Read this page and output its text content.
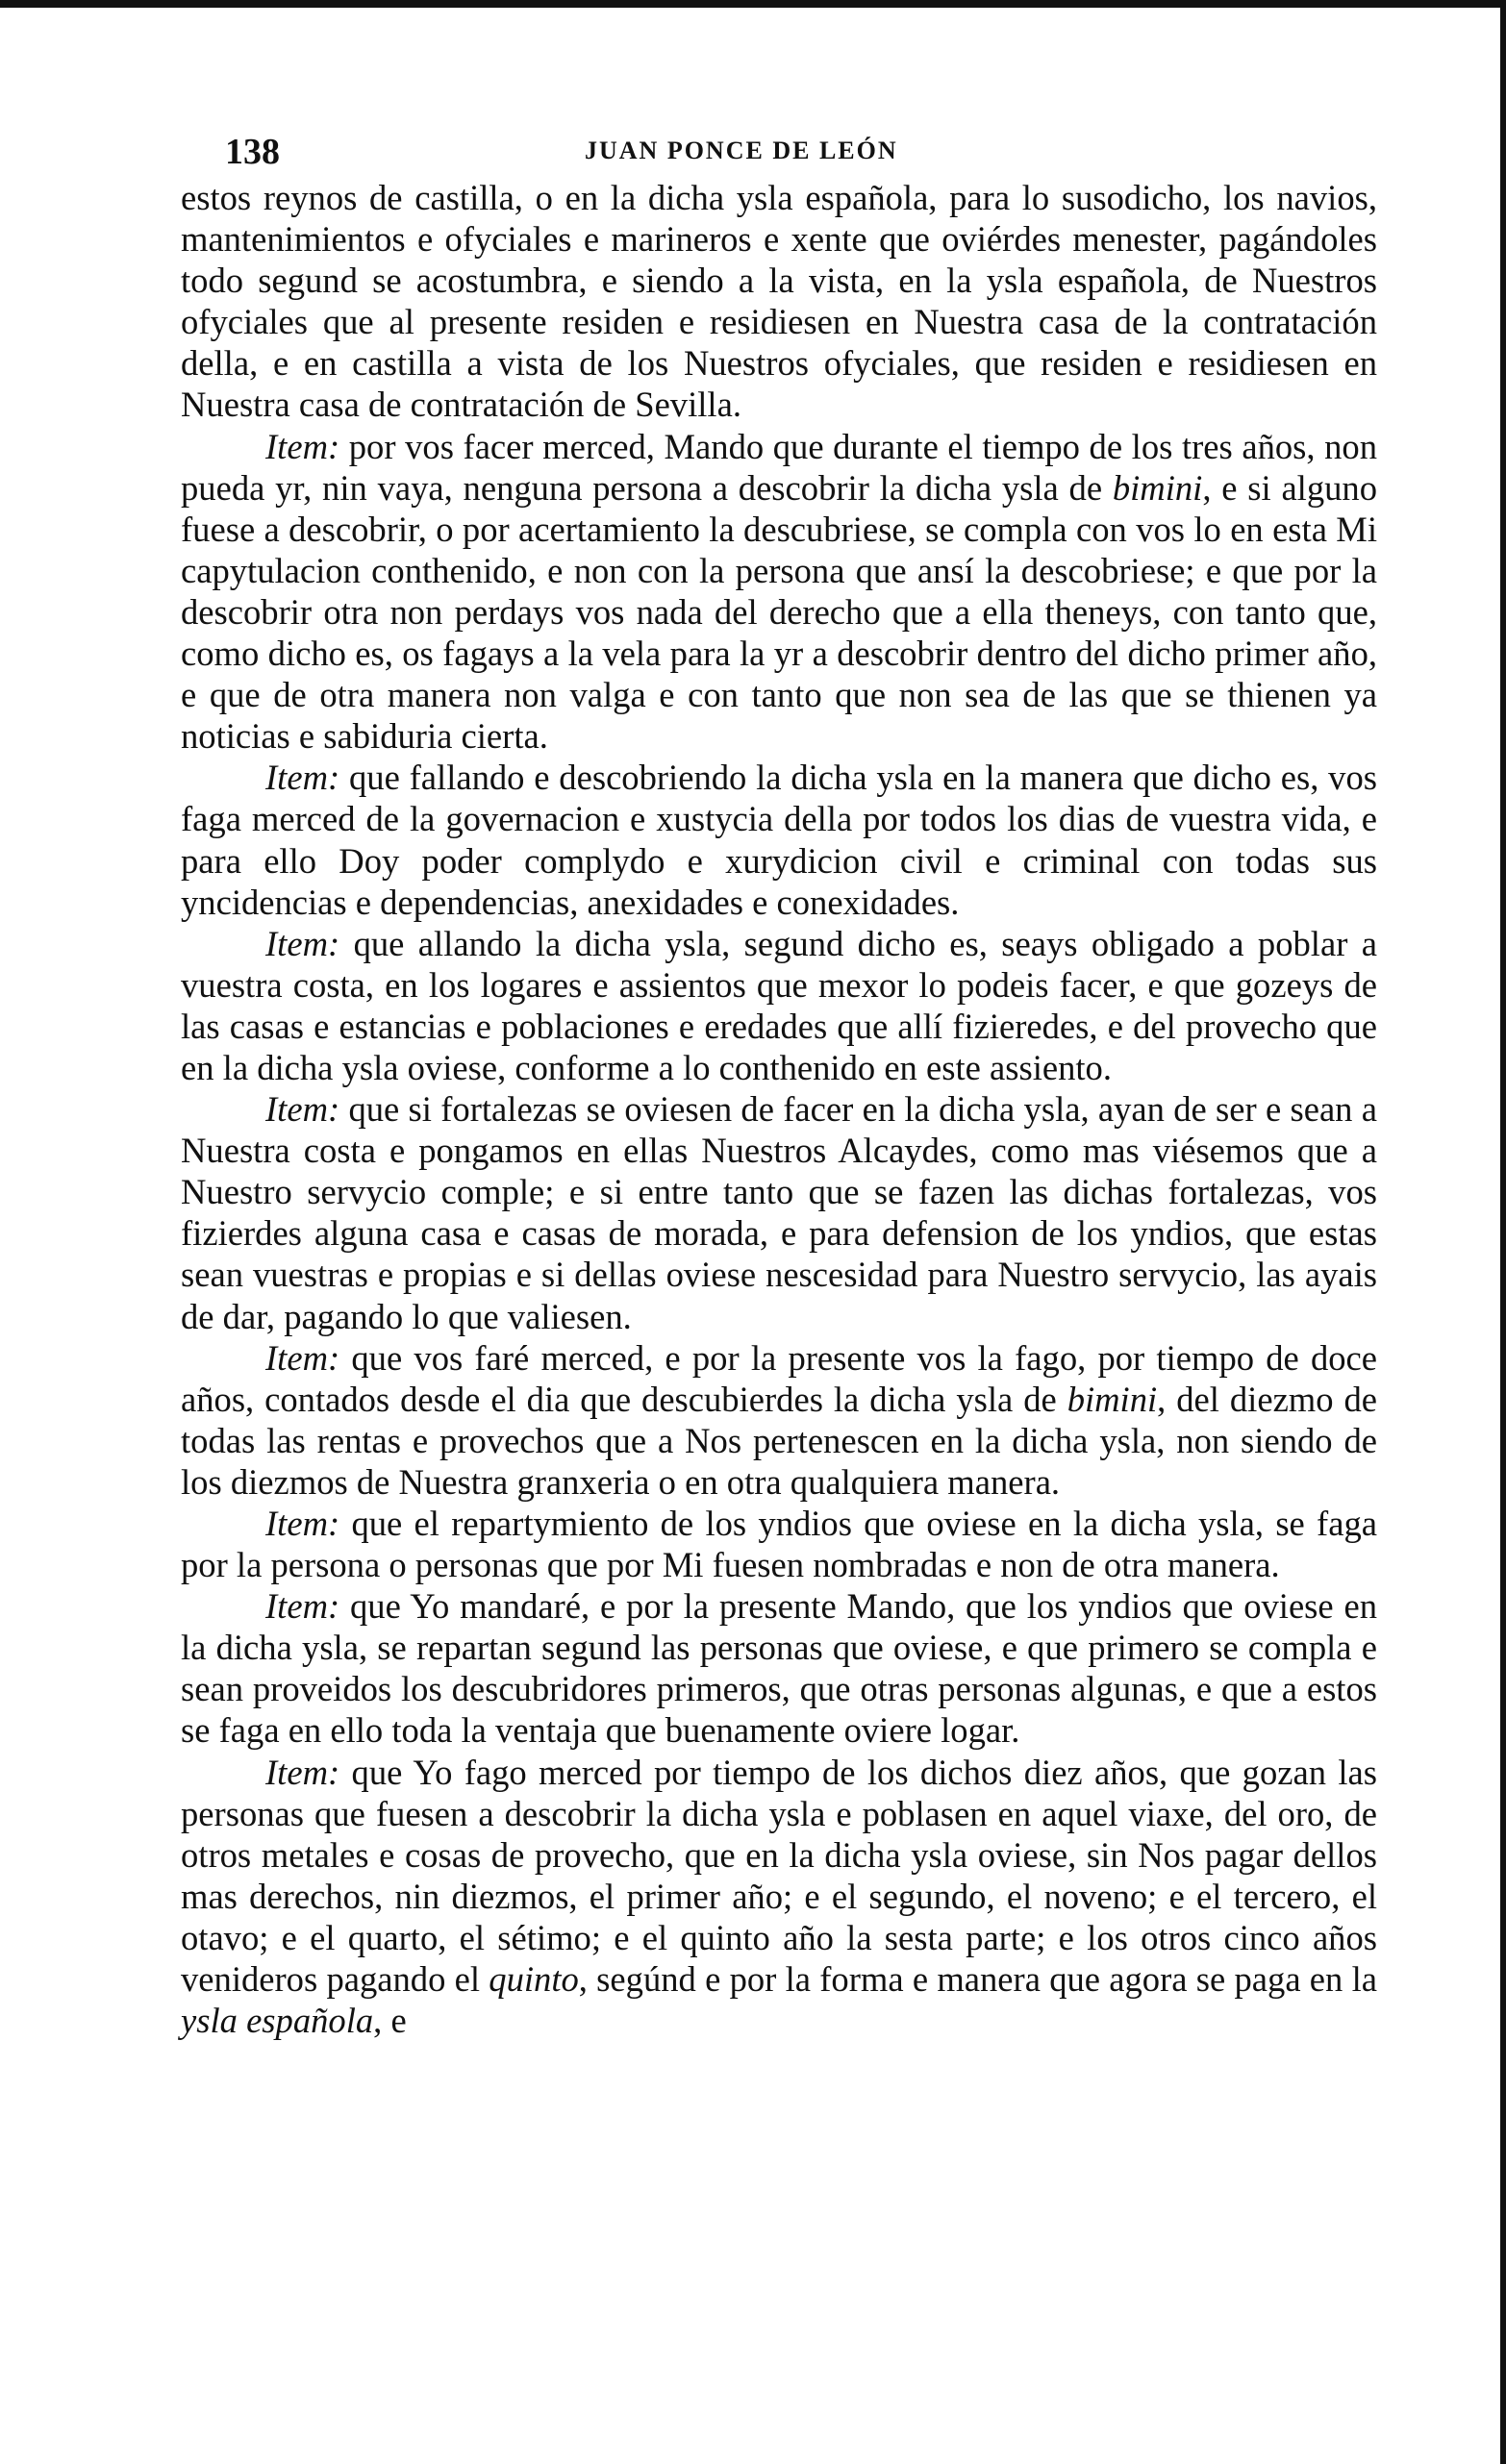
138	JUAN PONCE DE LEÓN

estos reynos de castilla, o en la dicha ysla española, para lo susodicho, los navios, mantenimientos e ofyciales e marineros e xente que oviérdes menester, pagándoles todo segund se acostumbra, e siendo a la vista, en la ysla española, de Nuestros ofyciales que al presente residen e residiesen en Nuestra casa de la contratación della, e en castilla a vista de los Nuestros ofyciales, que residen e residiesen en Nuestra casa de contratación de Sevilla.

Item: por vos facer merced, Mando que durante el tiempo de los tres años, non pueda yr, nin vaya, nenguna persona a descobrir la dicha ysla de bimini, e si alguno fuese a descobrir, o por acertamiento la descubriese, se compla con vos lo en esta Mi capytulacion conthenido, e non con la persona que ansí la descobriese; e que por la descobrir otra non perdays vos nada del derecho que a ella theneys, con tanto que, como dicho es, os fagays a la vela para la yr a descobrir dentro del dicho primer año, e que de otra manera non valga e con tanto que non sea de las que se thienen ya noticias e sabiduria cierta.

Item: que fallando e descobriendo la dicha ysla en la manera que dicho es, vos faga merced de la governacion e xustycia della por todos los dias de vuestra vida, e para ello Doy poder complydo e xurydicion civil e criminal con todas sus yncidencias e dependencias, anexidades e conexidades.

Item: que allando la dicha ysla, segund dicho es, seays obligado a poblar a vuestra costa, en los logares e assientos que mexor lo podeis facer, e que gozeys de las casas e estancias e poblaciones e eredades que allí fizieredes, e del provecho que en la dicha ysla oviese, conforme a lo conthenido en este assiento.

Item: que si fortalezas se oviesen de facer en la dicha ysla, ayan de ser e sean a Nuestra costa e pongamos en ellas Nuestros Alcaydes, como mas viésemos que a Nuestro servycio comple; e si entre tanto que se fazen las dichas fortalezas, vos fizierdes alguna casa e casas de morada, e para defension de los yndios, que estas sean vuestras e propias e si dellas oviese nescesidad para Nuestro servycio, las ayais de dar, pagando lo que valiesen.

Item: que vos faré merced, e por la presente vos la fago, por tiempo de doce años, contados desde el dia que descubierdes la dicha ysla de bimini, del diezmo de todas las rentas e provechos que a Nos pertenescen en la dicha ysla, non siendo de los diezmos de Nuestra granxeria o en otra qualquiera manera.

Item: que el repartymiento de los yndios que oviese en la dicha ysla, se faga por la persona o personas que por Mi fuesen nombradas e non de otra manera.

Item: que Yo mandaré, e por la presente Mando, que los yndios que oviese en la dicha ysla, se repartan segund las personas que oviese, e que primero se compla e sean proveidos los descubridores primeros, que otras personas algunas, e que a estos se faga en ello toda la ventaja que buenamente oviere logar.

Item: que Yo fago merced por tiempo de los dichos diez años, que gozan las personas que fuesen a descobrir la dicha ysla e poblasen en aquel viaxe, del oro, de otros metales e cosas de provecho, que en la dicha ysla oviese, sin Nos pagar dellos mas derechos, nin diezmos, el primer año; e el segundo, el noveno; e el tercero, el otavo; e el quarto, el sétimo; e el quinto año la sesta parte; e los otros cinco años venideros pagando el quinto, segúnd e por la forma e manera que agora se paga en la ysla española, e
